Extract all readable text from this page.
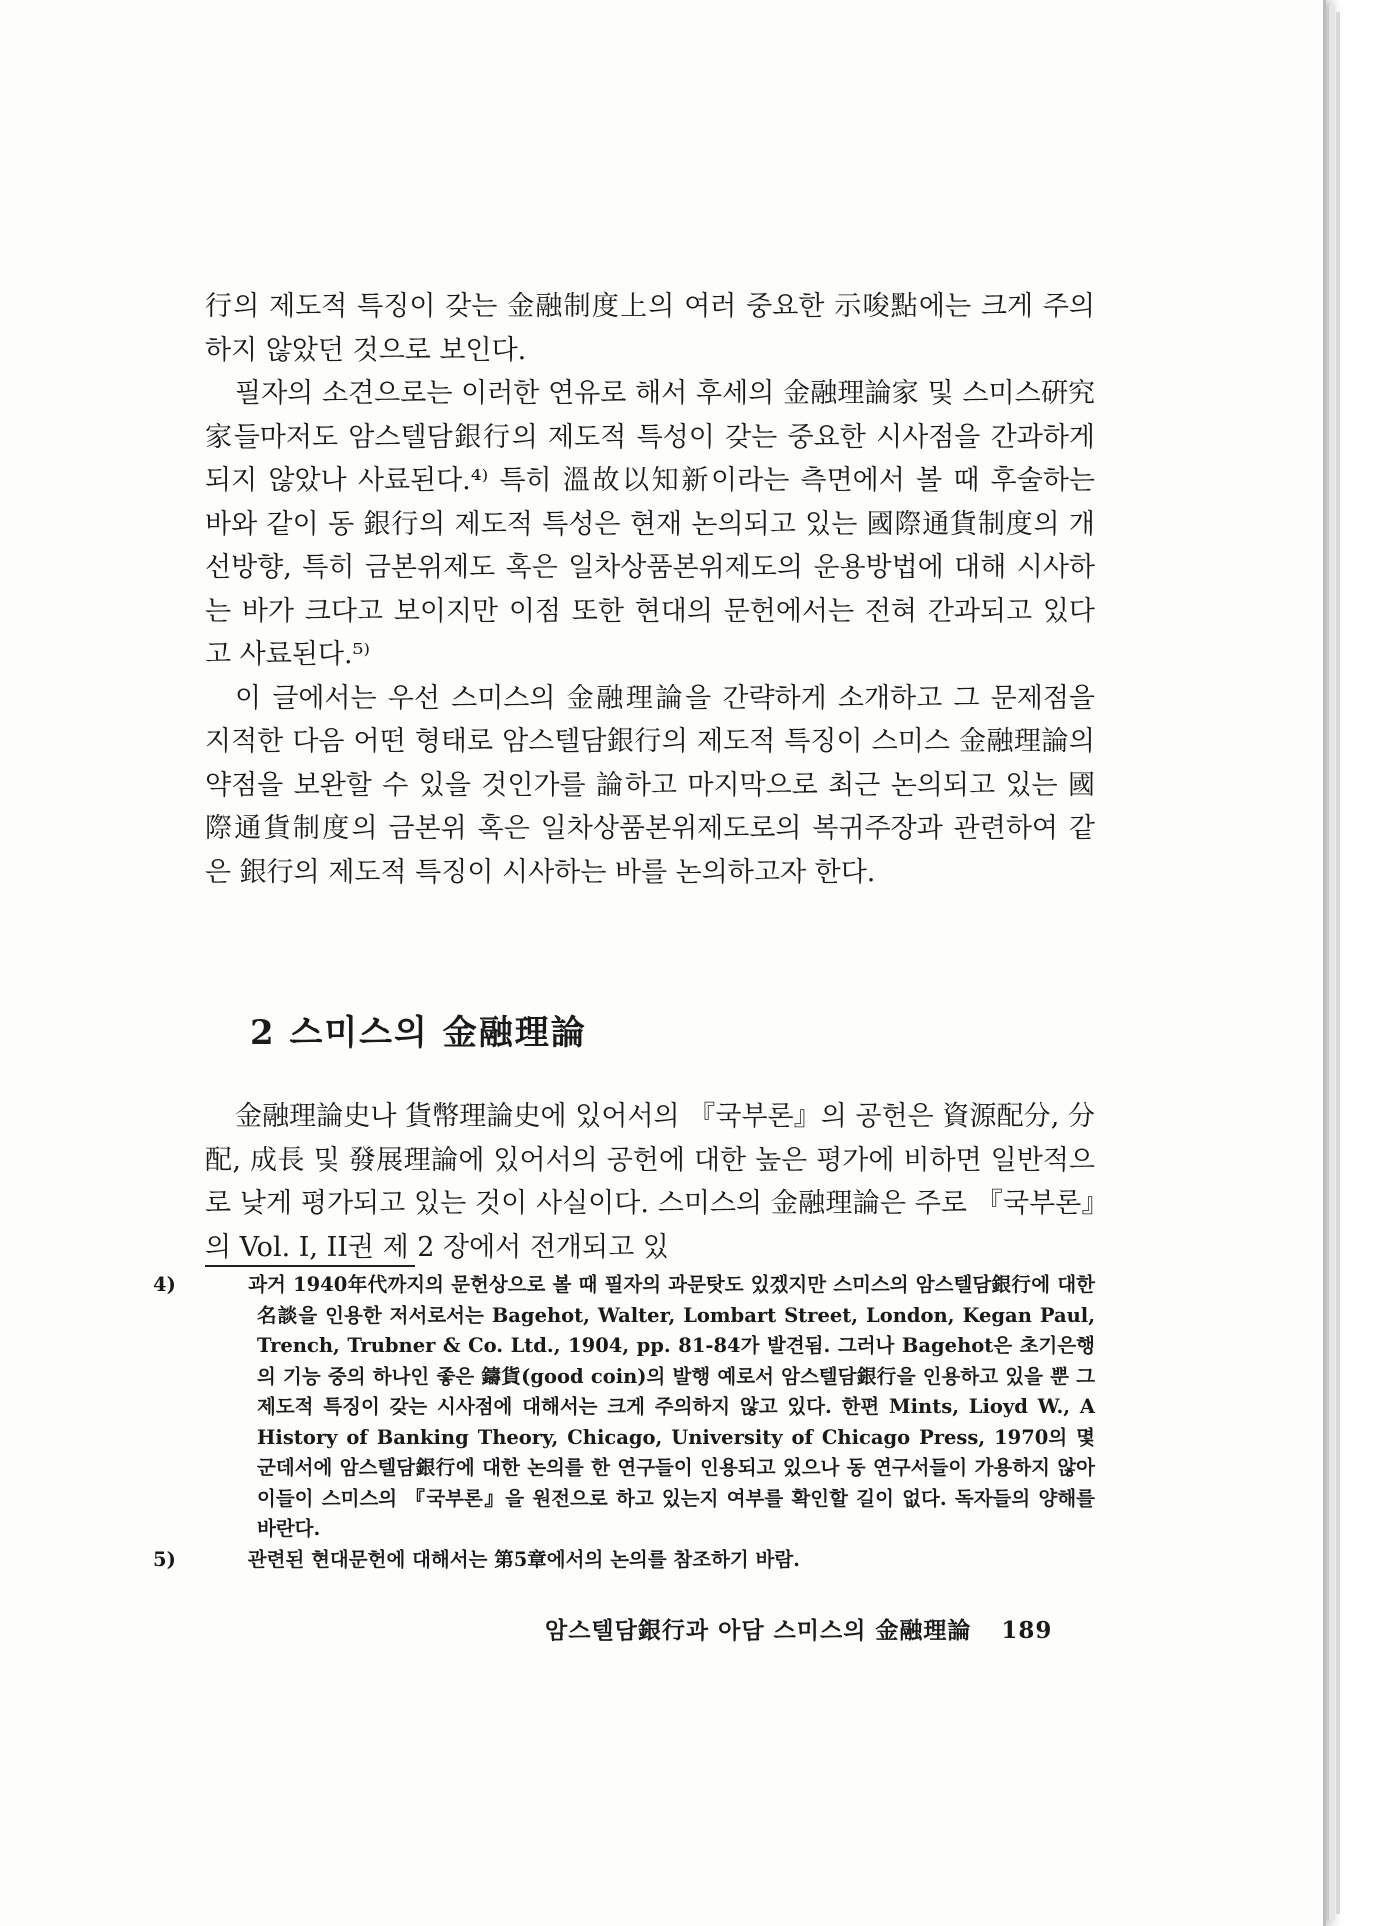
行의 제도적 특징이 갖는 金融制度上의 여러 중요한 示唆點에는 크게 주의하지 않았던 것으로 보인다.

필자의 소견으로는 이러한 연유로 해서 후세의 金融理論家 및 스미스硏究家들마저도 암스텔담銀行의 제도적 특성이 갖는 중요한 시사점을 간과하게 되지 않았나 사료된다.⁴⁾ 특히 溫故以知新이라는 측면에서 볼 때 후술하는 바와 같이 동 銀行의 제도적 특성은 현재 논의되고 있는 國際通貨制度의 개선방향, 특히 금본위제도 혹은 일차상품본위제도의 운용방법에 대해 시사하는 바가 크다고 보이지만 이점 또한 현대의 문헌에서는 전혀 간과되고 있다고 사료된다.⁵⁾

이 글에서는 우선 스미스의 金融理論을 간략하게 소개하고 그 문제점을 지적한 다음 어떤 형태로 암스텔담銀行의 제도적 특징이 스미스 金融理論의 약점을 보완할 수 있을 것인가를 論하고 마지막으로 최근 논의되고 있는 國際通貨制度의 금본위 혹은 일차상품본위제도로의 복귀주장과 관련하여 같은 銀行의 제도적 특징이 시사하는 바를 논의하고자 한다.

2 스미스의 金融理論

金融理論史나 貨幣理論史에 있어서의 『국부론』의 공헌은 資源配分, 分配, 成長 및 發展理論에 있어서의 공헌에 대한 높은 평가에 비하면 일반적으로 낮게 평가되고 있는 것이 사실이다. 스미스의 金融理論은 주로 『국부론』의 Vol. I, II권 제 2 장에서 전개되고 있

4)	과거 1940年代까지의 문헌상으로 볼 때 필자의 과문탓도 있겠지만 스미스의 암스텔담銀行에 대한 名談을 인용한 저서로서는 Bagehot, Walter, Lombart Street, London, Kegan Paul, Trench, Trubner & Co. Ltd., 1904, pp. 81-84가 발견됨. 그러나 Bagehot은 초기은행의 기능 중의 하나인 좋은 鑄貨(good coin)의 발행 예로서 암스텔담銀行을 인용하고 있을 뿐 그 제도적 특징이 갖는 시사점에 대해서는 크게 주의하지 않고 있다. 한편 Mints, Lioyd W., A History of Banking Theory, Chicago, University of Chicago Press, 1970의 몇 군데서에 암스텔담銀行에 대한 논의를 한 연구들이 인용되고 있으나 동 연구서들이 가용하지 않아 이들이 스미스의 『국부론』을 원전으로 하고 있는지 여부를 확인할 길이 없다. 독자들의 양해를 바란다.

5)	관련된 현대문헌에 대해서는 第5章에서의 논의를 참조하기 바람.

암스텔담銀行과 아담 스미스의 金融理論 189
